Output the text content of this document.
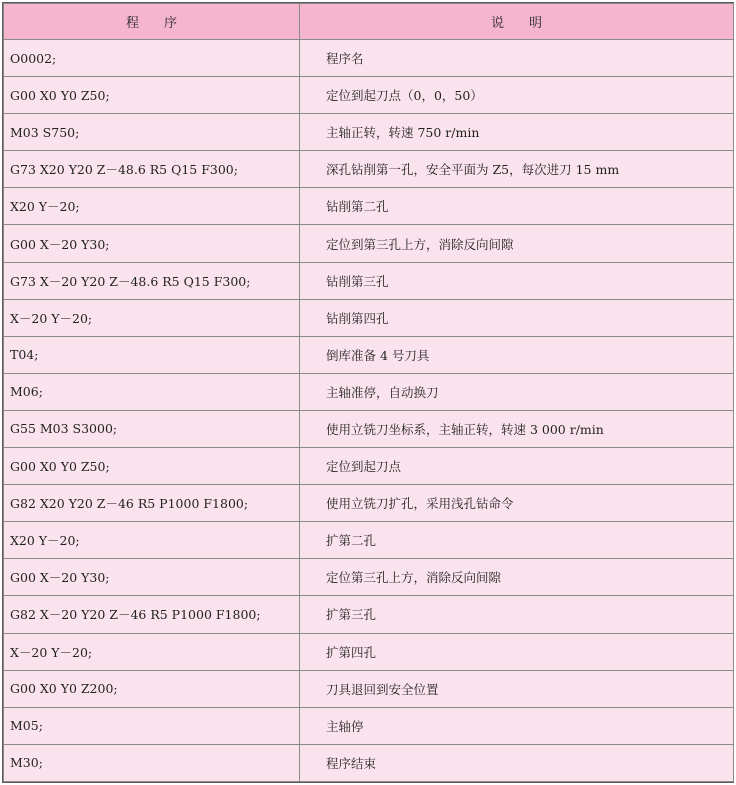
程 序	说 明
O0002;	程序名
G00 X0 Y0 Z50;	定位到起刀点（0，0，50）
M03 S750;	主轴正转，转速 750 r/min
G73 X20 Y20 Z－48.6 R5 Q15 F300;	深孔钻削第一孔，安全平面为 Z5，每次进刀 15 mm
X20 Y－20;	钻削第二孔
G00 X－20 Y30;	定位到第三孔上方，消除反向间隙
G73 X－20 Y20 Z－48.6 R5 Q15 F300;	钻削第三孔
X－20 Y－20;	钻削第四孔
T04;	倒库准备 4 号刀具
M06;	主轴准停，自动换刀
G55 M03 S3000;	使用立铣刀坐标系，主轴正转，转速 3 000 r/min
G00 X0 Y0 Z50;	定位到起刀点
G82 X20 Y20 Z－46 R5 P1000 F1800;	使用立铣刀扩孔，采用浅孔钻命令
X20 Y－20;	扩第二孔
G00 X－20 Y30;	定位第三孔上方，消除反向间隙
G82 X－20 Y20 Z－46 R5 P1000 F1800;	扩第三孔
X－20 Y－20;	扩第四孔
G00 X0 Y0 Z200;	刀具退回到安全位置
M05;	主轴停
M30;	程序结束
